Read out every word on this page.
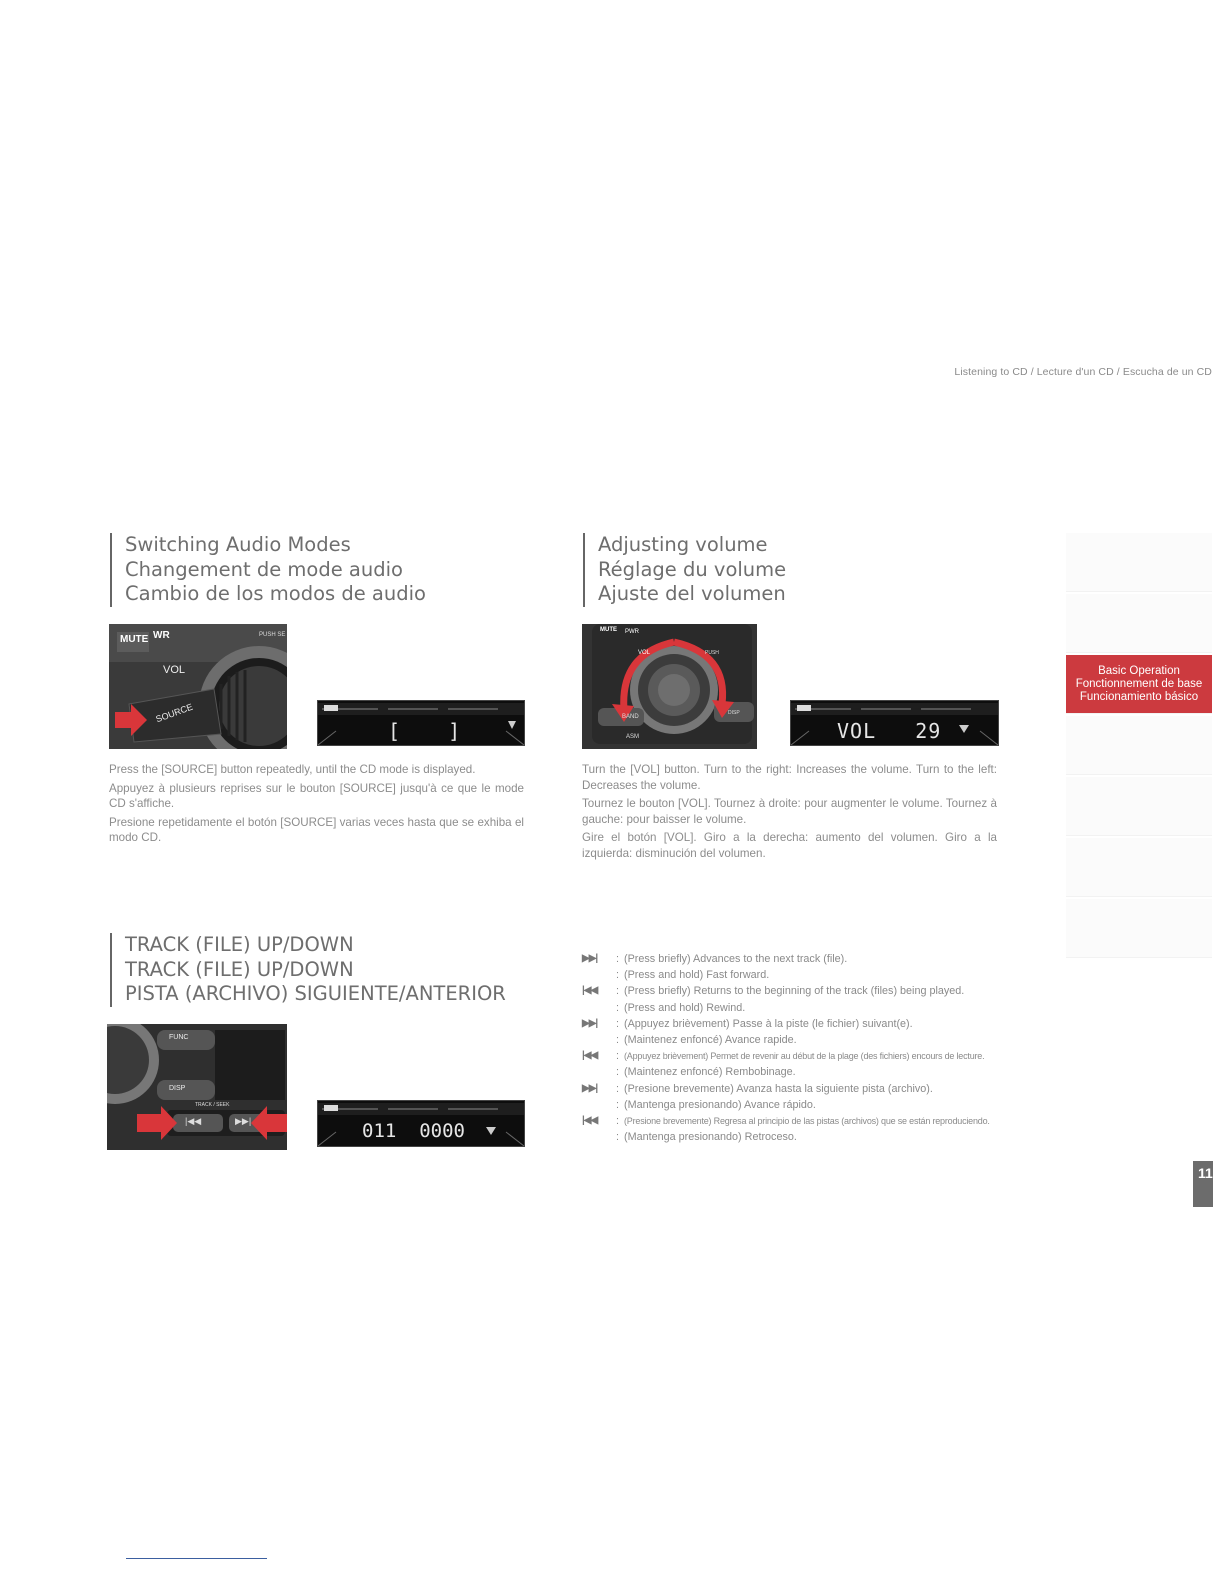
Listening to CD / Lecture d'un CD / Escucha de un CD
Switching Audio Modes
Changement de mode audio
Cambio de los modos de audio
MUTE WR	PUSH SE
VOL
SOURCE
[ ]

Press the [SOURCE] button repeatedly, until the CD mode is displayed.

Appuyez à plusieurs reprises sur le bouton [SOURCE] jusqu'à ce que le mode CD s'affiche.

Presione repetidamente el botón [SOURCE] varias veces hasta que se exhiba el modo CD.

Adjusting volume
Réglage du volume
Ajuste del volumen
MUTE PWR
VOL	PUSH
BAND
DISP
ASM	VOL   29

Turn the [VOL] button. Turn to the right: Increases the volume. Turn to the left: Decreases the volume.

Tournez le bouton [VOL]. Tournez à droite: pour augmenter le volume. Tournez à gauche: pour baisser le volume.

Gire el botón [VOL]. Giro a la derecha: aumento del volumen. Giro a la izquierda: disminución del volumen.

TRACK (FILE) UP/DOWN
TRACK (FILE) UP/DOWN
PISTA (ARCHIVO) SIGUIENTE/ANTERIOR
FUNC
DISP
TRACK / SEEK
|◀◀	▶▶|	011  0000
▶▶|	: (Press briefly) Advances to the next track (file).
: (Press and hold) Fast forward.
|◀◀	: (Press briefly) Returns to the beginning of the track (files) being played.
: (Press and hold) Rewind.
▶▶|	: (Appuyez brièvement) Passe à la piste (le fichier) suivant(e).
: (Maintenez enfoncé) Avance rapide.
|◀◀	: (Appuyez brièvement) Permet de revenir au début de la plage (des fichiers) encours de lecture.
: (Maintenez enfoncé) Rembobinage.
▶▶|	: (Presione brevemente) Avanza hasta la siguiente pista (archivo).
: (Mantenga presionando) Avance rápido.
|◀◀	: (Presione brevemente) Regresa al principio de las pistas (archivos) que se están reproduciendo.
: (Mantenga presionando) Retroceso.
Basic Operation
Fonctionnement de base
Funcionamiento básico
11
